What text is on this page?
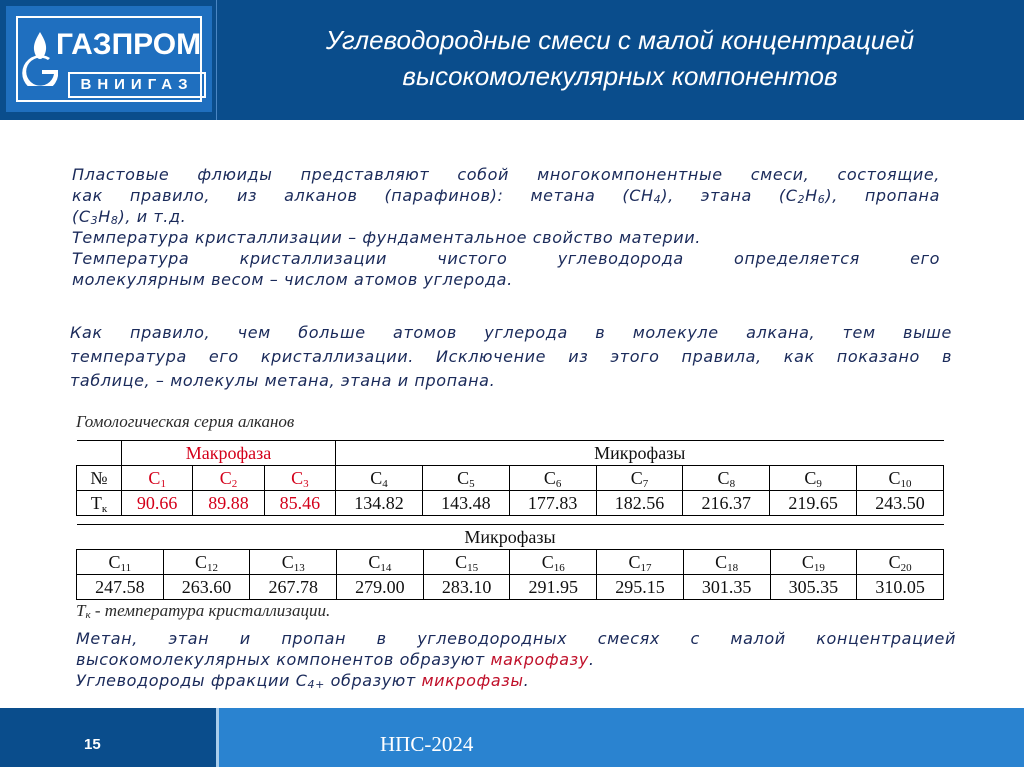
ГАЗПРОМ
ВНИИГАЗ
Углеводородные смеси с малой концентрацией
высокомолекулярных компонентов
Пластовые флюиды представляют собой многокомпонентные смеси, состоящие,
как правило, из алканов (парафинов): метана $(CH_4)$, этана $(C_2H_6)$, пропана
$(C_3H_8)$, и т.д.
Температура кристаллизации – фундаментальное свойство материи.
Температура кристаллизации чистого углеводорода определяется его
молекулярным весом – числом атомов углерода.
Как правило, чем больше атомов углерода в молекуле алкана, тем выше
температура его кристаллизации. Исключение из этого правила, как показано в
таблице, – молекулы метана, этана и пропана.
Гомологическая серия алканов
	Макрофаза			Микрофазы						
№	$C_1$	$C_2$	$C_3$	$C_4$	$C_5$	$C_6$	$C_7$	$C_8$	$C_9$	$C_{10}$
$Т_к$	90.66	89.88	85.46	134.82	143.48	177.83	182.56	216.37	219.65	243.50
Микрофазы									
$C_{11}$	$C_{12}$	$C_{13}$	$C_{14}$	$C_{15}$	$C_{16}$	$C_{17}$	$C_{18}$	$C_{19}$	$C_{20}$
247.58	263.60	267.78	279.00	283.10	291.95	295.15	301.35	305.35	310.05
$Т_к$ - температура кристаллизации.
Метан, этан и пропан в углеводородных смесях с малой концентрацией
высокомолекулярных компонентов образуют макрофазу.
Углеводороды фракции $С_{4+}$ образуют микрофазы.
15	НПС-2024
